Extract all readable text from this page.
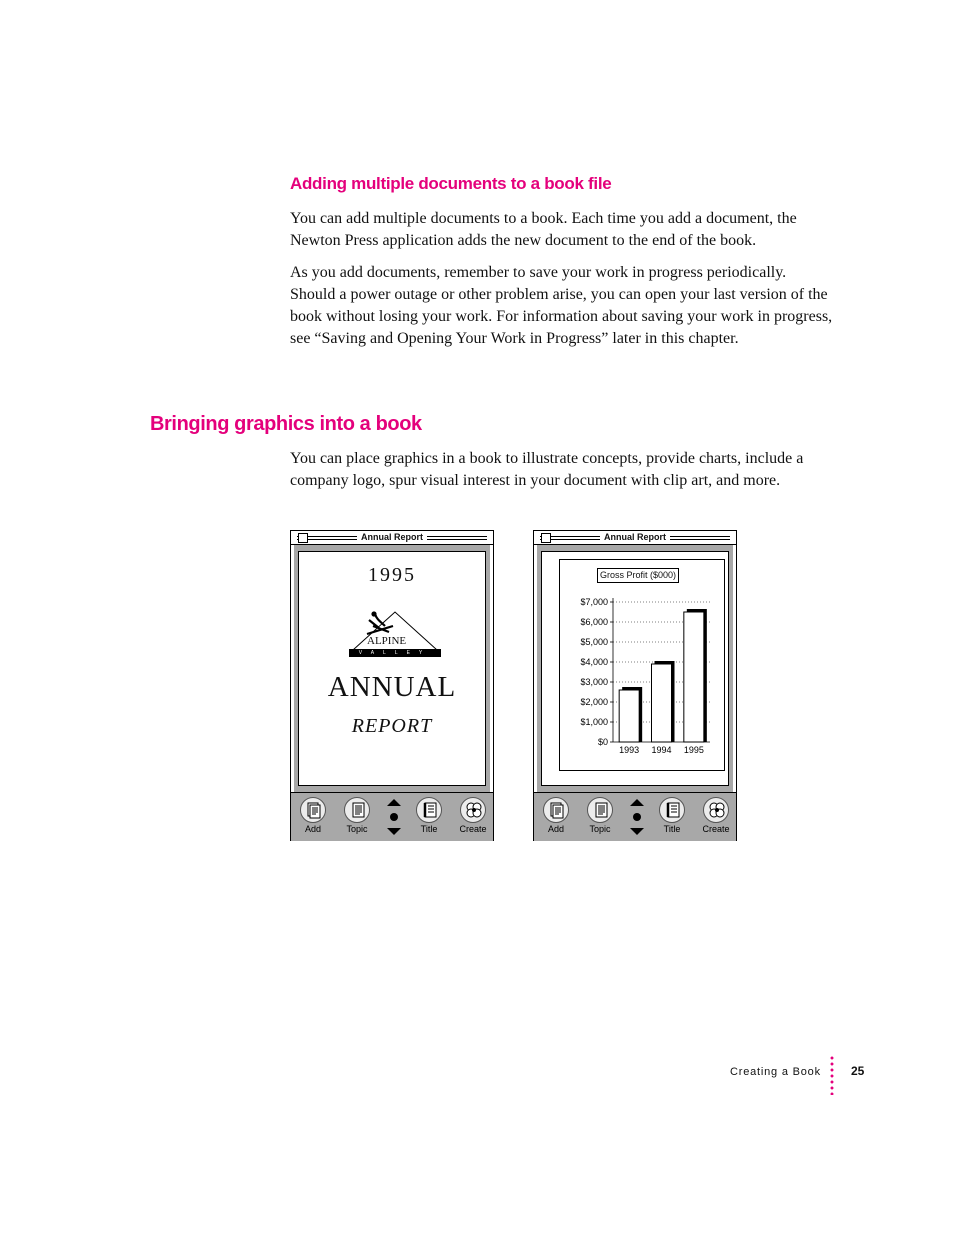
Adding multiple documents to a book file

You can add multiple documents to a book. Each time you add a document, the Newton Press application adds the new document to the end of the book.

As you add documents, remember to save your work in progress periodically. Should a power outage or other problem arise, you can open your last version of the book without losing your work. For information about saving your work in progress, see “Saving and Opening Your Work in Progress” later in this chapter.

Bringing graphics into a book

You can place graphics in a book to illustrate concepts, provide charts, include a company logo, spur visual interest in your document with clip art, and more.

Annual Report
1995
ALPINE
VALLEY
ANNUAL
REPORT
Add	Topic	Title	Create
Annual Report
Gross Profit ($000)
$0
$1,000
$2,000
$3,000
$4,000
$5,000
$6,000
$7,000
1993 1994 1995
Add	Topic	Title	Create
Creating a Book	25
